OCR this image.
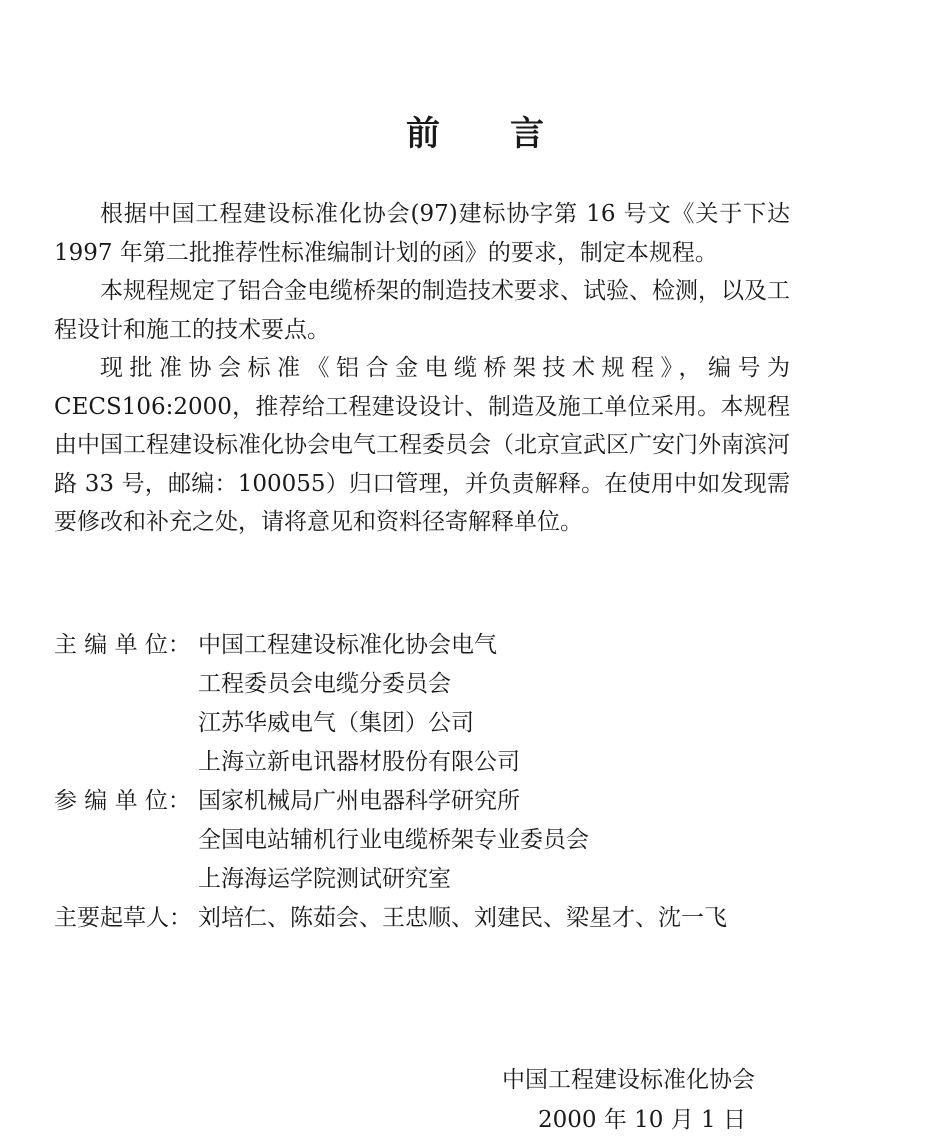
前 言

根据中国工程建设标准化协会(97)建标协字第 16 号文《关于下达 1997 年第二批推荐性标准编制计划的函》的要求，制定本规程。

本规程规定了铝合金电缆桥架的制造技术要求、试验、检测，以及工程设计和施工的技术要点。

现批准协会标准《铝合金电缆桥架技术规程》，编号为 CECS106:2000，推荐给工程建设设计、制造及施工单位采用。本规程由中国工程建设标准化协会电气工程委员会（北京宣武区广安门外南滨河路 33 号，邮编：100055）归口管理，并负责解释。在使用中如发现需要修改和补充之处，请将意见和资料径寄解释单位。

主 编 单 位： 中国工程建设标准化协会电气
工程委员会电缆分委员会
江苏华威电气（集团）公司
上海立新电讯器材股份有限公司
参 编 单 位： 国家机械局广州电器科学研究所
全国电站辅机行业电缆桥架专业委员会
上海海运学院测试研究室
主要起草人： 刘培仁、陈茹会、王忠顺、刘建民、梁星才、沈一飞
中国工程建设标准化协会
2000 年 10 月 1 日
